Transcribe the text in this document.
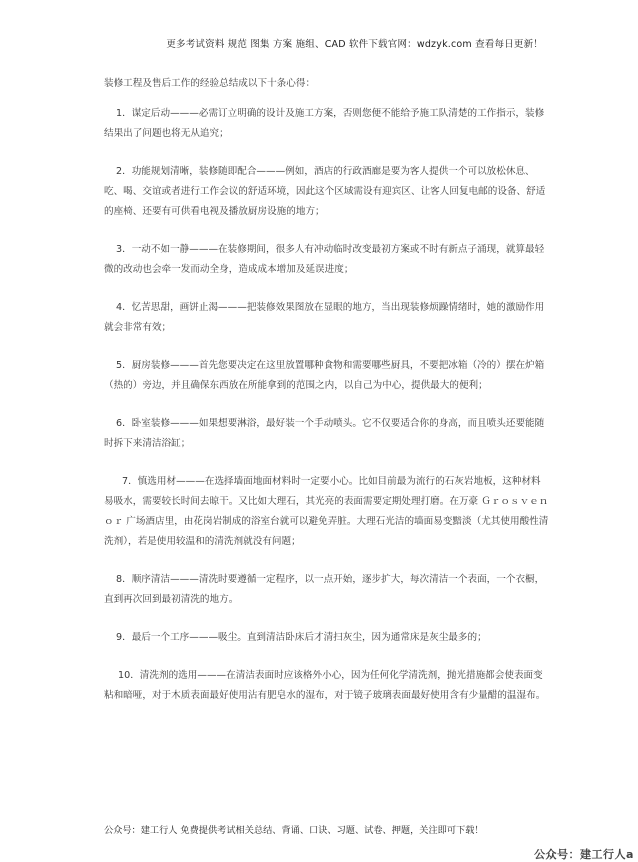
更多考试资料 规范 图集 方案 施组、CAD 软件下载官网：wdzyk.com 查看每日更新！

装修工程及售后工作的经验总结成以下十条心得：

1．谋定后动———必需订立明确的设计及施工方案，否则您便不能给予施工队清楚的工作指示，装修结果出了问题也将无从追究；

2．功能规划清晰，装修随即配合———例如，酒店的行政酒廊是要为客人提供一个可以放松休息、吃、喝、交谊或者进行工作会议的舒适环境，因此这个区域需设有迎宾区、让客人回复电邮的设备、舒适的座椅、还要有可供看电视及播放厨房设施的地方；

3．一动不如一静———在装修期间，很多人有冲动临时改变最初方案或不时有新点子涌现，就算最轻微的改动也会牵一发而动全身，造成成本增加及延误进度；

4．忆苦思甜，画饼止渴———把装修效果图放在显眼的地方，当出现装修烦躁情绪时，她的激励作用就会非常有效；

5．厨房装修———首先您要决定在这里放置哪种食物和需要哪些厨具，不要把冰箱（冷的）摆在炉箱（热的）旁边，并且确保东西放在所能拿到的范围之内，以自己为中心，提供最大的便利；

6．卧室装修———如果想要淋浴，最好装一个手动喷头。它不仅要适合你的身高，而且喷头还要能随时拆下来清洁浴缸；

7．慎选用材———在选择墙面地面材料时一定要小心。比如目前最为流行的石灰岩地板，这种材料易吸水，需要较长时间去晾干。又比如大理石，其光亮的表面需要定期处理打磨。在万豪 Ｇｒｏｓｖｅｎｏｒ 广场酒店里，由花岗岩制成的浴室台就可以避免弄脏。大理石光洁的墙面易变黯淡（尤其使用酸性清洗剂），若是使用较温和的清洗剂就没有问题；

8．顺序清洁———清洗时要遵循一定程序，以一点开始，逐步扩大，每次清洁一个表面，一个衣橱，直到再次回到最初清洗的地方。

9．最后一个工序———吸尘。直到清洁卧床后才清扫灰尘，因为通常床是灰尘最多的；

10．清洗剂的选用———在清洁表面时应该格外小心，因为任何化学清洗剂，抛光措施都会使表面变粘和暗哑，对于木质表面最好使用沾有肥皂水的湿布，对于镜子玻璃表面最好使用含有少量醋的温湿布。

公众号：建工行人 免费提供考试相关总结、背诵、口诀、习题、试卷、押题，关注即可下载！
公众号：建工行人a
